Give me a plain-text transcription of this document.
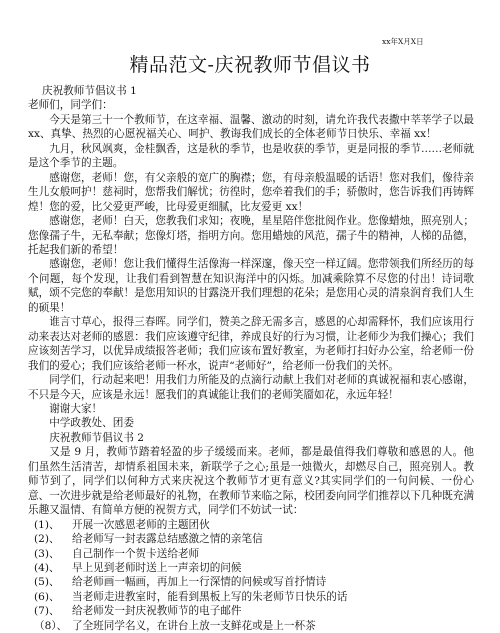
xx年X月X日
精品范文-庆祝教师节倡议书

庆祝教师节倡议书 1

老师们，同学们：

今天是第三十一个教师节，在这幸福、温馨、激动的时刻，请允许我代表撒中莘莘学子以最 xx、真挚、热烈的心愿祝福关心、呵护、教诲我们成长的全体老师节日快乐、幸福 xx！

九月，秋风飒爽，金桂飘香，这是秋的季节，也是收获的季节，更是同报的季节……老师就是这个季节的主题。

感谢您，老师！您，有父亲般的宽广的胸襟；您，有母亲般温暖的话语！您对我们，像待亲生儿女般呵护！慈祠时，您帮我们解忧；彷徨时，您牵着我们的手；骄傲时，您告诉我们再铸辉煌！您的爱，比父爱更严峻，比母爱更细腻，比友爱更 xx！

感谢您，老师！白天，您教我们求知；夜晚，星星陪伴您批阅作业。您像蜡烛，照亮别人；您像孺子牛，无私奉献；您像灯塔，指明方向。您用蜡烛的风范，孺子牛的精神，人梯的品德，托起我们新的希望！

感谢您，老师！您让我们懂得生活像海一样深邃，像天空一样辽阔。您带领我们所经历的每个问题，每个发现，让我们看到智慧在知识海洋中的闪烁。加减乘除算不尽您的付出！诗词歌赋，颂不完您的奉献！是您用知识的甘露浇开我们理想的花朵；是您用心灵的清泉润育我们人生的硕果！

谁言寸草心，报得三春晖。同学们，赞美之辞无需多言，感恩的心却需释怀，我们应该用行动来表达对老师的感恩：我们应该遵守纪律，养成良好的行为习惯，让老师少为我们操心；我们应该刻苦学习，以优异成绩报答老师；我们应该布置好教室，为老师打扫好办公室，给老师一份我们的爱心；我们应该给老师一杯水，说声“老师好”，给老师一份我们的关怀。

同学们，行动起来吧！用我们力所能及的点滴行动献上我们对老师的真诚祝福和衷心感谢，不只是今天，应该是永远！愿我们的真诚能让我们的老师笑靥如花，永远年轻！

谢谢大家！

中学政教处、团委

庆祝教师节倡议书 2

又是 9 月，教师节踏着轻盈的步子缓缓而来。老师，都是最值得我们尊敬和感恩的人。他们虽然生活清苦，却情系祖国未来，新联学子之心;虽是一烛微火，却燃尽自己，照亮别人。教师节到了，同学们以何种方式来庆祝这个教师节才更有意义?其实同学们的一句问候、一份心意、一次进步就是给老师最好的礼物，在教师节来临之际，校团委向同学们推荐以下几种既充满乐趣又温情、有简单方便的祝贺方式，同学们不妨试一试：

(1)、 开展一次感恩老师的主题团伙

(2)、 给老师写一封表露总结感激之情的亲笔信

(3)、 自己制作一个贺卡送给老师

(4)、 早上见到老师时送上一声亲切的问候

(5)、 给老师画一幅画，再加上一行深情的问候或写首抒情诗

(6)、 当老师走进教室时，能看到黑板上写的朱老师节日快乐的话

(7)、 给老师发一封庆祝教师节的电子邮件

（8）、 了全班同学名义，在讲台上放一支鲜花或是上一杯茶
